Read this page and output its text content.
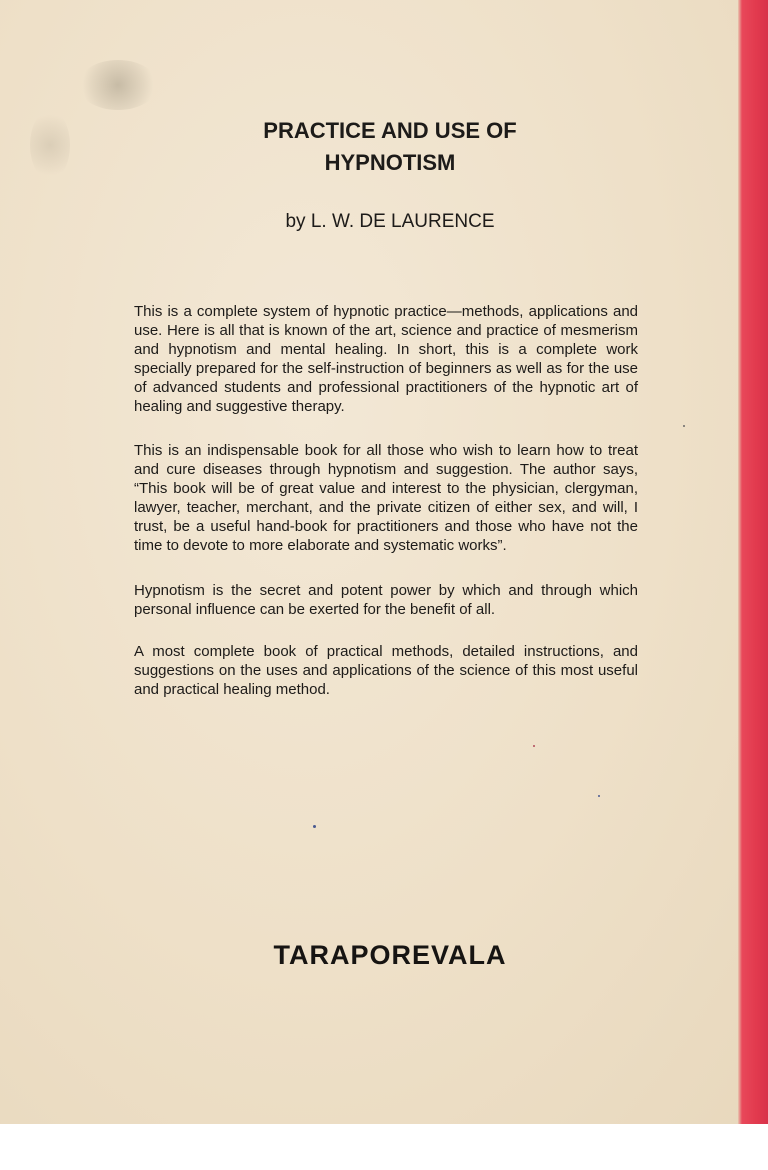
PRACTICE AND USE OF
HYPNOTISM

by L. W. DE LAURENCE

This is a complete system of hypnotic practice—methods, applications and use. Here is all that is known of the art, science and practice of mesmerism and hypnotism and mental healing. In short, this is a complete work specially prepared for the self-instruction of beginners as well as for the use of advanced students and professional practitioners of the hypnotic art of healing and suggestive therapy.

This is an indispensable book for all those who wish to learn how to treat and cure diseases through hypnotism and suggestion. The author says, “This book will be of great value and interest to the physician, clergyman, lawyer, teacher, merchant, and the private citizen of either sex, and will, I trust, be a useful hand-book for practitioners and those who have not the time to devote to more elaborate and systematic works”.

Hypnotism is the secret and potent power by which and through which personal influence can be exerted for the benefit of all.

A most complete book of practical methods, detailed instructions, and suggestions on the uses and applications of the science of this most useful and practical healing method.

TARAPOREVALA
